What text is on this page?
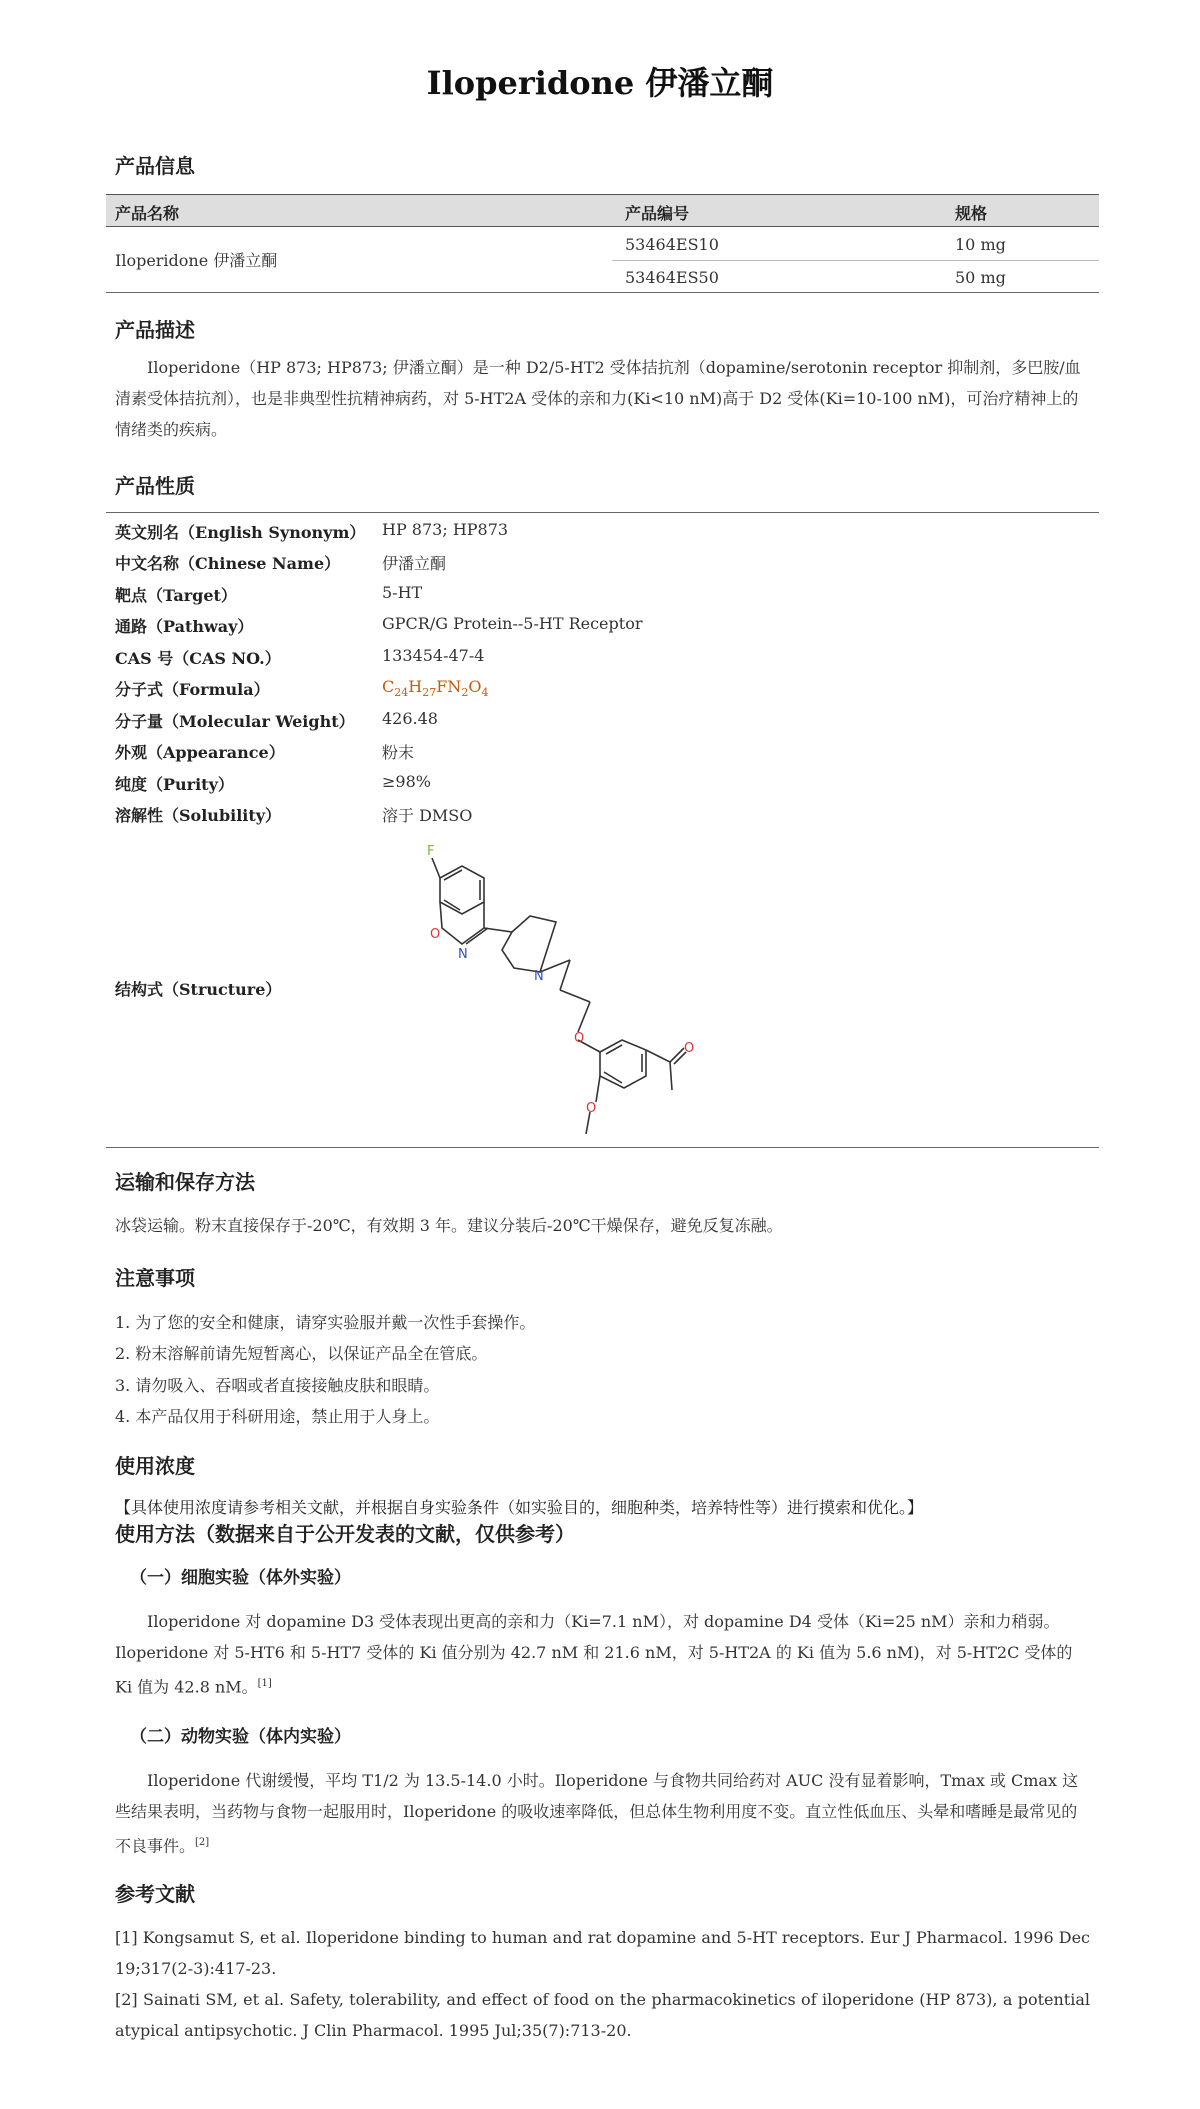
Iloperidone 伊潘立酮
产品信息
产品名称	产品编号	规格
Iloperidone 伊潘立酮
53464ES10	10 mg
53464ES50	50 mg
产品描述
Iloperidone（HP 873; HP873; 伊潘立酮）是一种 D2/5-HT2 受体拮抗剂（dopamine/serotonin receptor 抑制剂，多巴胺/血清素受体拮抗剂），也是非典型性抗精神病药，对 5-HT2A 受体的亲和力(Ki<10 nM)高于 D2 受体(Ki=10-100 nM)，可治疗精神上的情绪类的疾病。
产品性质
英文别名（English Synonym） HP 873; HP873
中文名称（Chinese Name）	伊潘立酮
靶点（Target）	5-HT
通路（Pathway）	GPCR/G Protein--5-HT Receptor
CAS 号（CAS NO.）	133454-47-4
分子式（Formula）	$C_{24}H_{27}FN_2O_4$
分子量（Molecular Weight） 426.48
外观（Appearance）	粉末
纯度（Purity）	≥98%
溶解性（Solubility）	溶于 DMSO
结构式（Structure）
F
O
N
N
O
O
O
运输和保存方法
冰袋运输。粉末直接保存于-20℃，有效期 3 年。建议分装后-20℃干燥保存，避免反复冻融。
注意事项
1. 为了您的安全和健康，请穿实验服并戴一次性手套操作。
2. 粉末溶解前请先短暂离心，以保证产品全在管底。
3. 请勿吸入、吞咽或者直接接触皮肤和眼睛。
4. 本产品仅用于科研用途，禁止用于人身上。
使用浓度
【具体使用浓度请参考相关文献，并根据自身实验条件（如实验目的，细胞种类，培养特性等）进行摸索和优化。】
使用方法（数据来自于公开发表的文献，仅供参考）
（一）细胞实验（体外实验）
Iloperidone 对 dopamine D3 受体表现出更高的亲和力（Ki=7.1 nM），对 dopamine D4 受体（Ki=25 nM）亲和力稍弱。Iloperidone 对 5-HT6 和 5-HT7 受体的 Ki 值分别为 42.7 nM 和 21.6 nM，对 5-HT2A 的 Ki 值为 5.6 nM)，对 5-HT2C 受体的 Ki 值为 42.8 nM。[1]
（二）动物实验（体内实验）
Iloperidone 代谢缓慢，平均 T1/2 为 13.5-14.0 小时。Iloperidone 与食物共同给药对 AUC 没有显着影响，Tmax 或 Cmax 这些结果表明，当药物与食物一起服用时，Iloperidone 的吸收速率降低，但总体生物利用度不变。直立性低血压、头晕和嗜睡是最常见的不良事件。[2]
参考文献
[1] Kongsamut S, et al. Iloperidone binding to human and rat dopamine and 5-HT receptors. Eur J Pharmacol. 1996 Dec 19;317(2-3):417-23.
[2] Sainati SM, et al. Safety, tolerability, and effect of food on the pharmacokinetics of iloperidone (HP 873), a potential atypical antipsychotic. J Clin Pharmacol. 1995 Jul;35(7):713-20.
